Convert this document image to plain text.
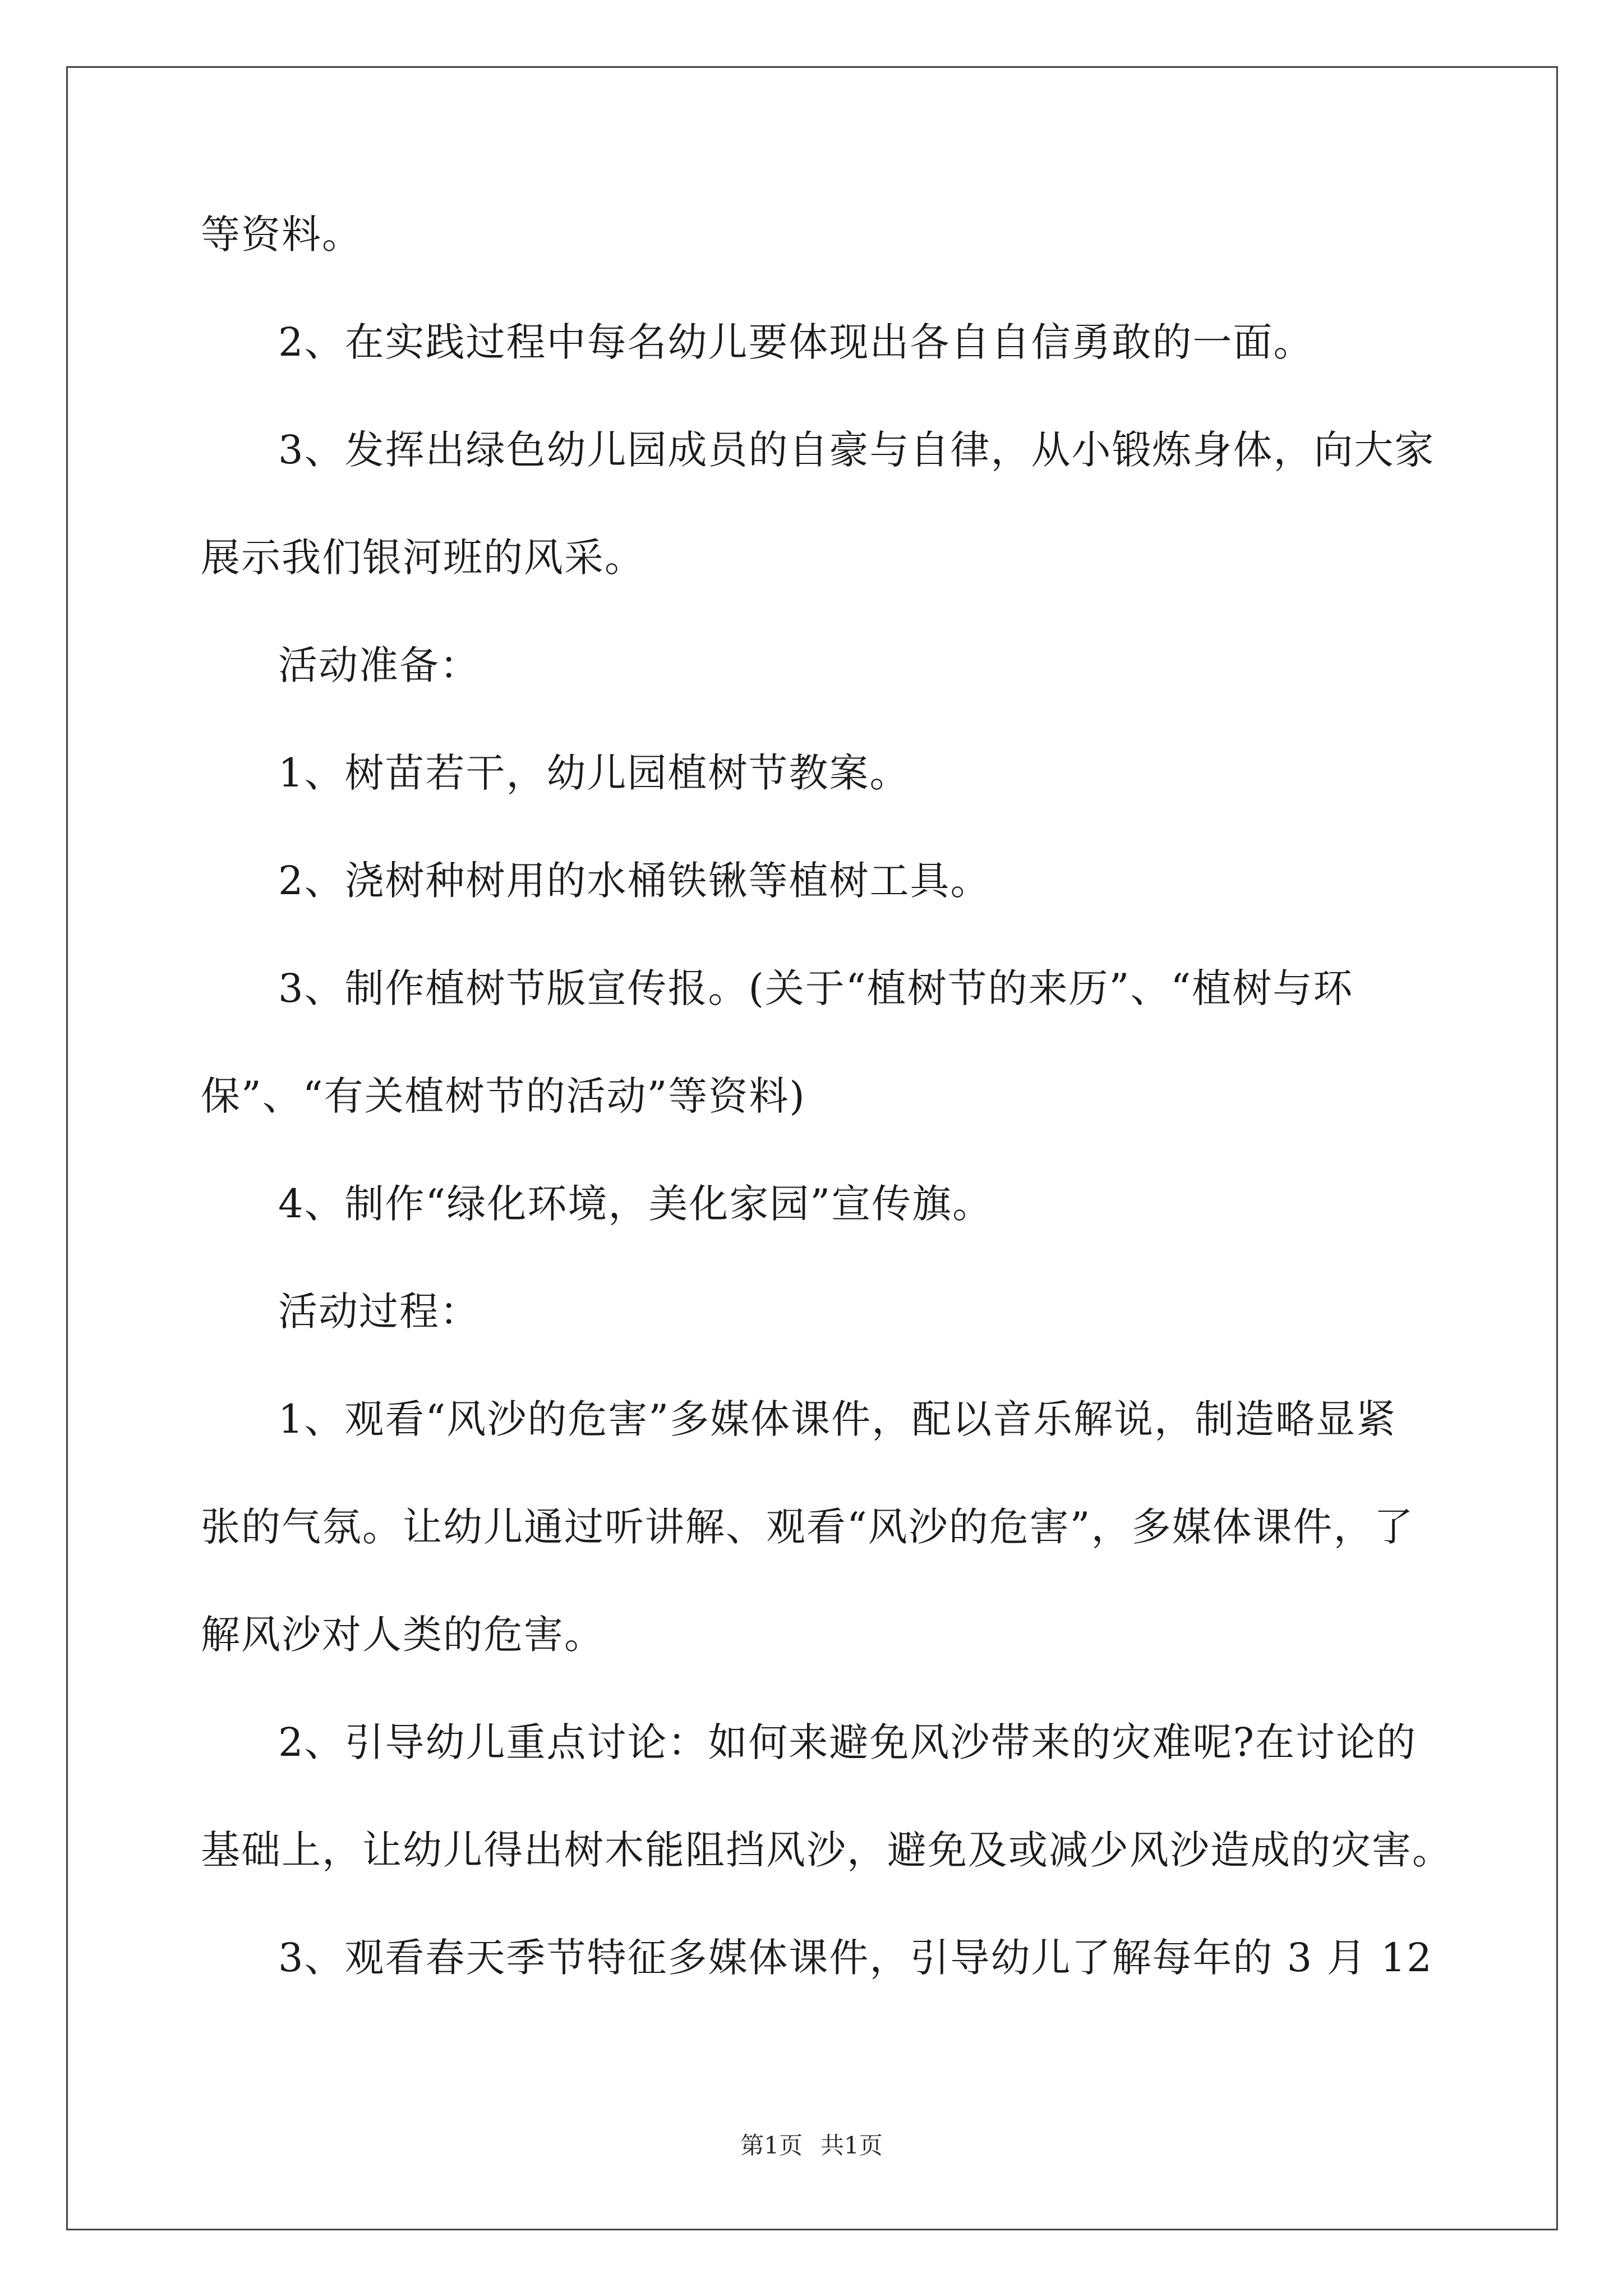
等资料。
2、在实践过程中每名幼儿要体现出各自自信勇敢的一面。
3、发挥出绿色幼儿园成员的自豪与自律，从小锻炼身体，向大家
展示我们银河班的风采。
活动准备：
1、树苗若干，幼儿园植树节教案。
2、浇树种树用的水桶铁锹等植树工具。
3、制作植树节版宣传报。(关于“植树节的来历”、“植树与环
保”、“有关植树节的活动”等资料)
4、制作“绿化环境，美化家园”宣传旗。
活动过程：
1、观看“风沙的危害”多媒体课件，配以音乐解说，制造略显紧
张的气氛。让幼儿通过听讲解、观看“风沙的危害”，多媒体课件，了
解风沙对人类的危害。
2、引导幼儿重点讨论：如何来避免风沙带来的灾难呢?在讨论的
基础上，让幼儿得出树木能阻挡风沙，避免及或减少风沙造成的灾害。
3、观看春天季节特征多媒体课件，引导幼儿了解每年的 3 月 12
第1页 共1页
